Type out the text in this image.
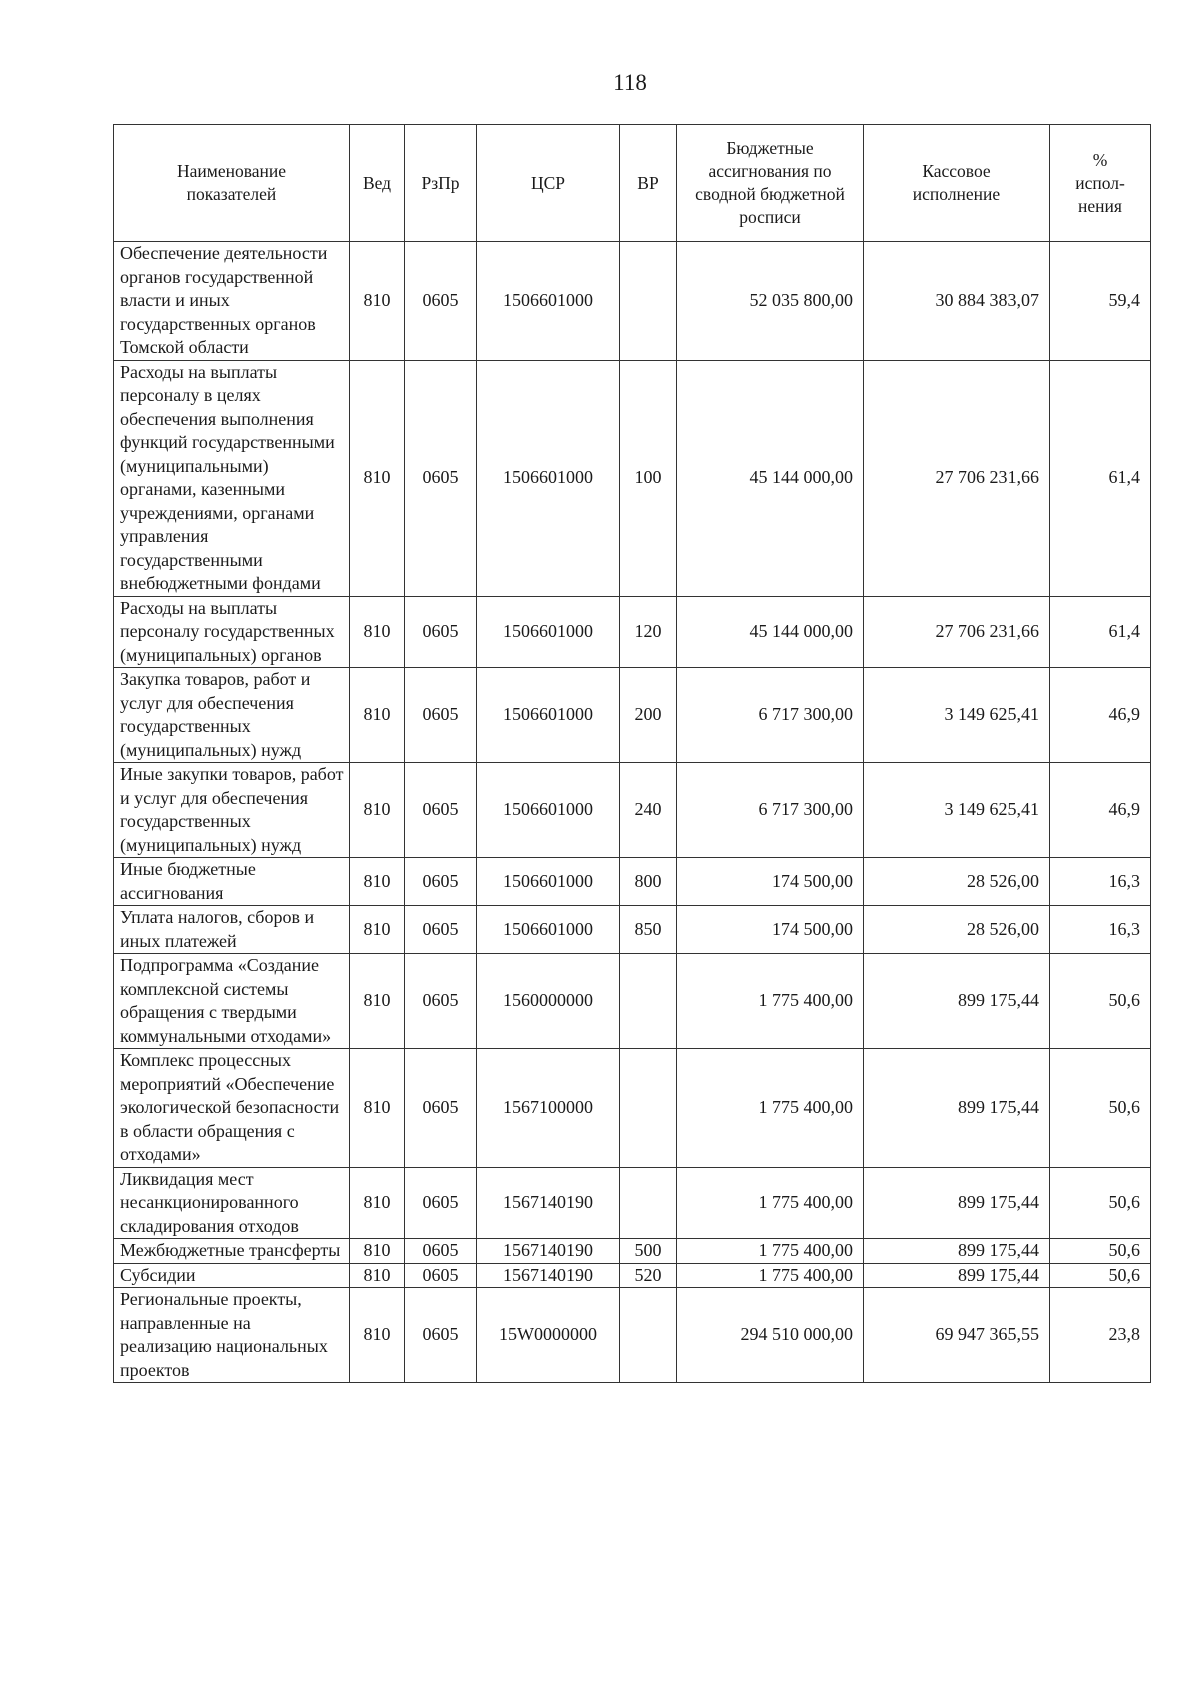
118
Наименование показателей	Вед	РзПр	ЦСР	ВР	Бюджетные ассигнования по сводной бюджетной росписи	Кассовое исполнение	% испол-нения
Обеспечение деятельности органов государственной власти и иных государственных органов Томской области	810	0605	1506601000		52 035 800,00	30 884 383,07	59,4
Расходы на выплаты персоналу в целях обеспечения выполнения функций государственными (муниципальными) органами, казенными учреждениями, органами управления государственными внебюджетными фондами	810	0605	1506601000	100	45 144 000,00	27 706 231,66	61,4
Расходы на выплаты персоналу государственных (муниципальных) органов	810	0605	1506601000	120	45 144 000,00	27 706 231,66	61,4
Закупка товаров, работ и услуг для обеспечения государственных (муниципальных) нужд	810	0605	1506601000	200	6 717 300,00	3 149 625,41	46,9
Иные закупки товаров, работ и услуг для обеспечения государственных (муниципальных) нужд	810	0605	1506601000	240	6 717 300,00	3 149 625,41	46,9
Иные бюджетные ассигнования	810	0605	1506601000	800	174 500,00	28 526,00	16,3
Уплата налогов, сборов и иных платежей	810	0605	1506601000	850	174 500,00	28 526,00	16,3
Подпрограмма «Создание комплексной системы обращения с твердыми коммунальными отходами»	810	0605	1560000000		1 775 400,00	899 175,44	50,6
Комплекс процессных мероприятий «Обеспечение экологической безопасности в области обращения с отходами»	810	0605	1567100000		1 775 400,00	899 175,44	50,6
Ликвидация мест несанкционированного складирования отходов	810	0605	1567140190		1 775 400,00	899 175,44	50,6
Межбюджетные трансферты	810	0605	1567140190	500	1 775 400,00	899 175,44	50,6
Субсидии	810	0605	1567140190	520	1 775 400,00	899 175,44	50,6
Региональные проекты, направленные на реализацию национальных проектов	810	0605	15W0000000		294 510 000,00	69 947 365,55	23,8
